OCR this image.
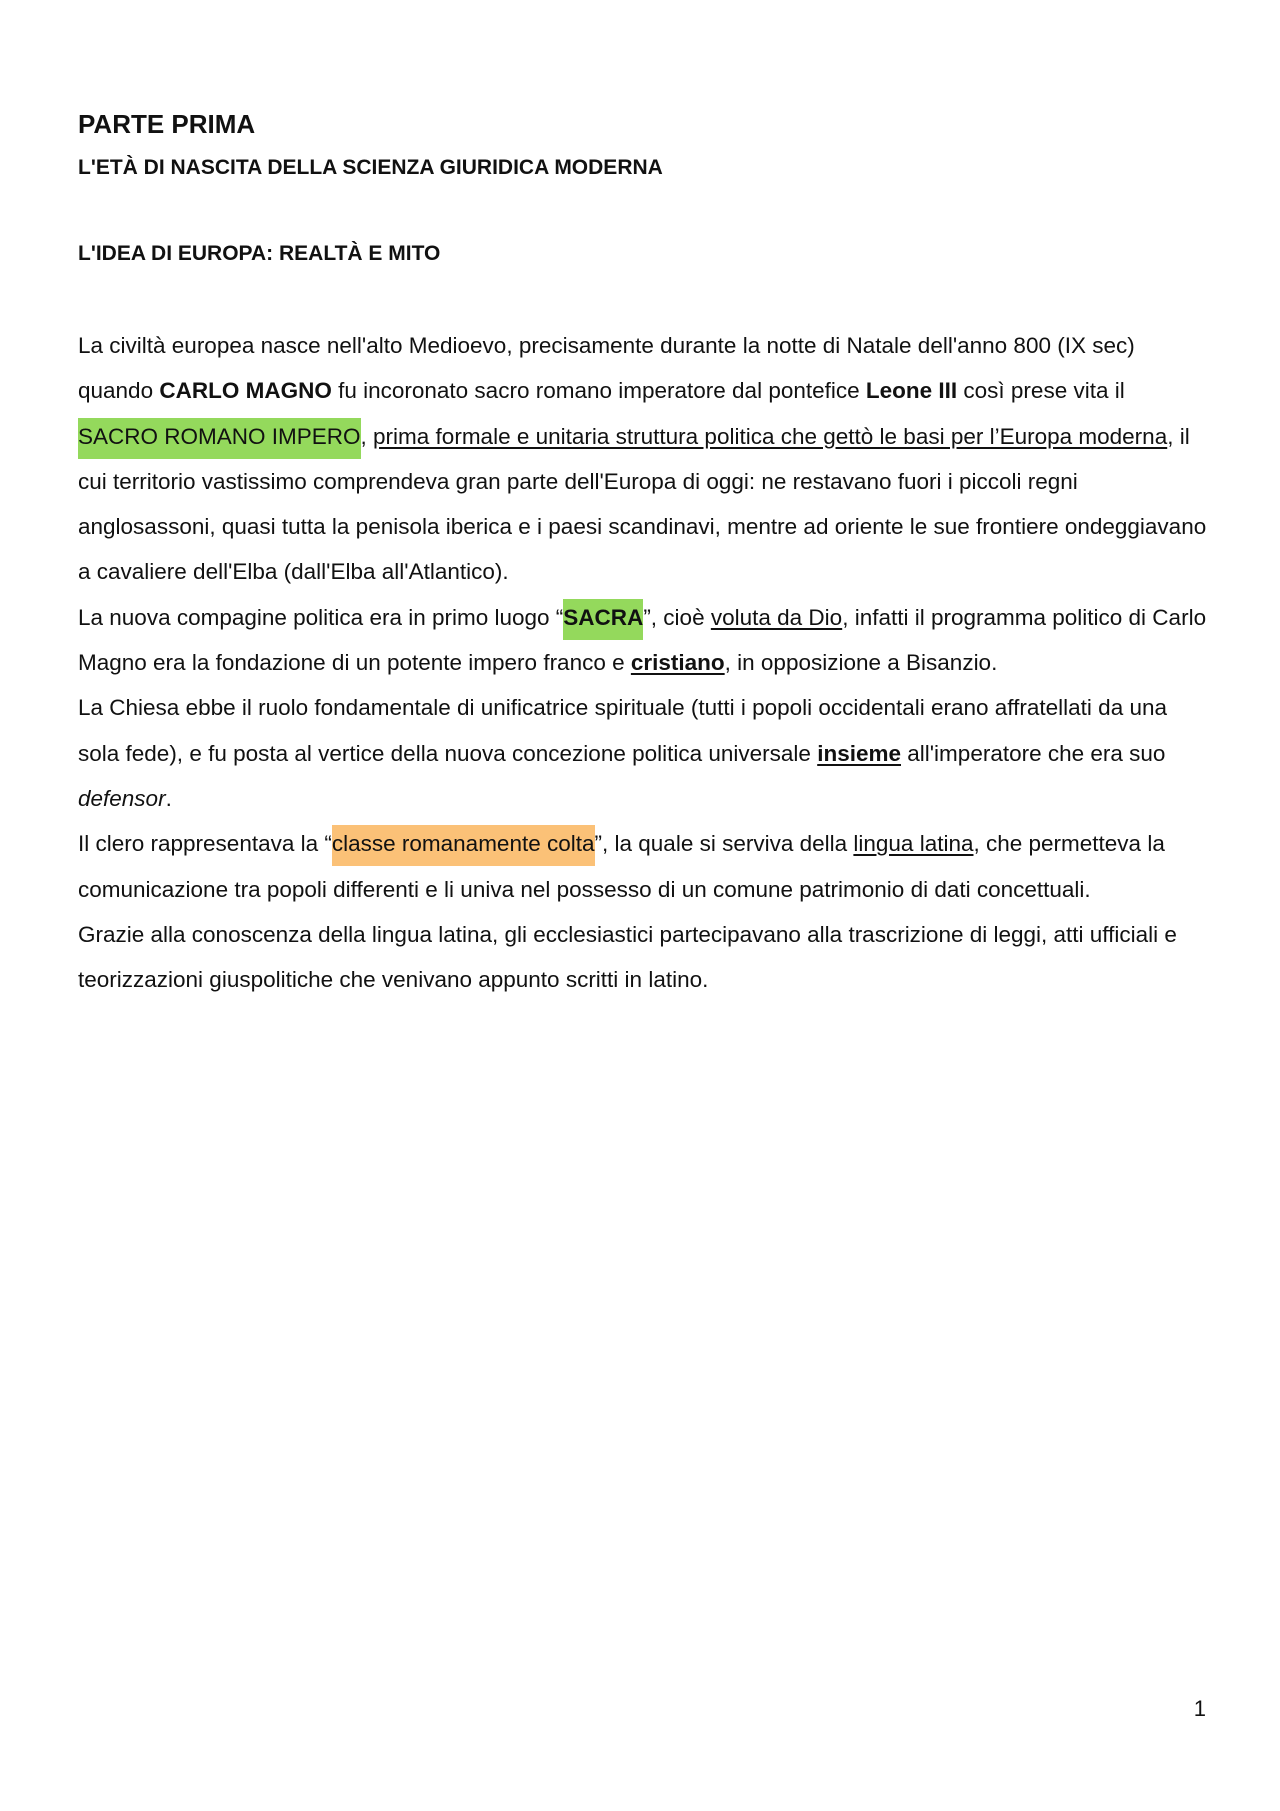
PARTE PRIMA
L'ETÀ DI NASCITA DELLA SCIENZA GIURIDICA MODERNA
L'IDEA DI EUROPA: REALTÀ E MITO

La civiltà europea nasce nell'alto Medioevo, precisamente durante la notte di Natale dell'anno 800 (IX sec) quando CARLO MAGNO fu incoronato sacro romano imperatore dal pontefice Leone III così prese vita il SACRO ROMANO IMPERO, prima formale e unitaria struttura politica che gettò le basi per l’Europa moderna, il cui territorio vastissimo comprendeva gran parte dell'Europa di oggi: ne restavano fuori i piccoli regni anglosassoni, quasi tutta la penisola iberica e i paesi scandinavi, mentre ad oriente le sue frontiere ondeggiavano a cavaliere dell'Elba (dall'Elba all'Atlantico).

La nuova compagine politica era in primo luogo “SACRA”, cioè voluta da Dio, infatti il programma politico di Carlo Magno era la fondazione di un potente impero franco e cristiano, in opposizione a Bisanzio.

La Chiesa ebbe il ruolo fondamentale di unificatrice spirituale (tutti i popoli occidentali erano affratellati da una sola fede), e fu posta al vertice della nuova concezione politica universale insieme all'imperatore che era suo defensor.

Il clero rappresentava la “classe romanamente colta”, la quale si serviva della lingua latina, che permetteva la comunicazione tra popoli differenti e li univa nel possesso di un comune patrimonio di dati concettuali.

Grazie alla conoscenza della lingua latina, gli ecclesiastici partecipavano alla trascrizione di leggi, atti ufficiali e teorizzazioni giuspolitiche che venivano appunto scritti in latino.

1
